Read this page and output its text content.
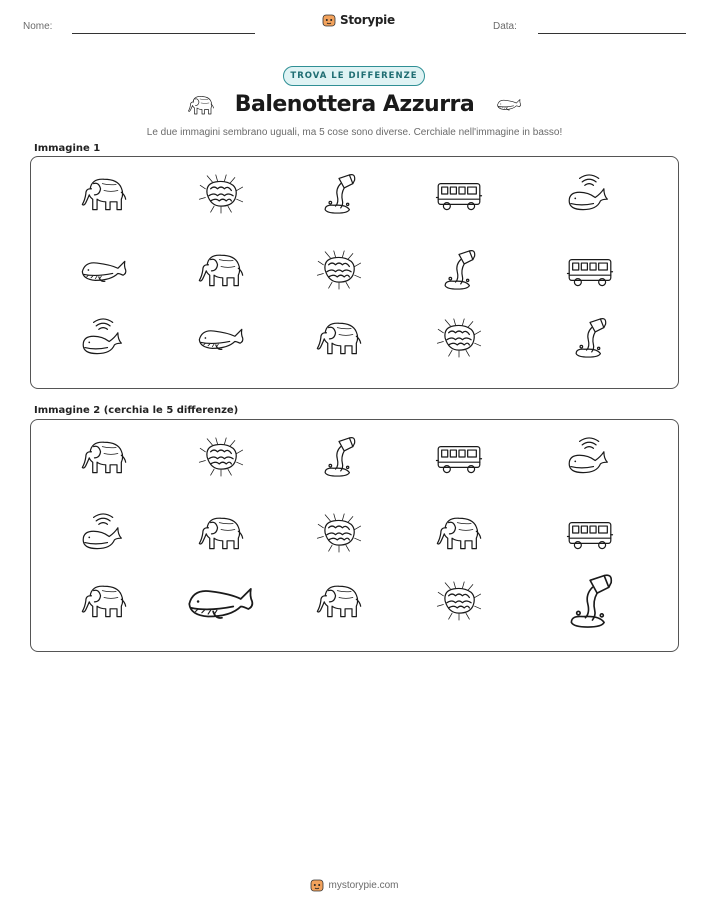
Nome:	Storypie	Data:
TROVA LE DIFFERENZE
Balenottera Azzurra
Le due immagini sembrano uguali, ma 5 cose sono diverse. Cerchiale nell'immagine in basso!
Immagine 1
Immagine 2 (cerchia le 5 differenze)
mystorypie.com
